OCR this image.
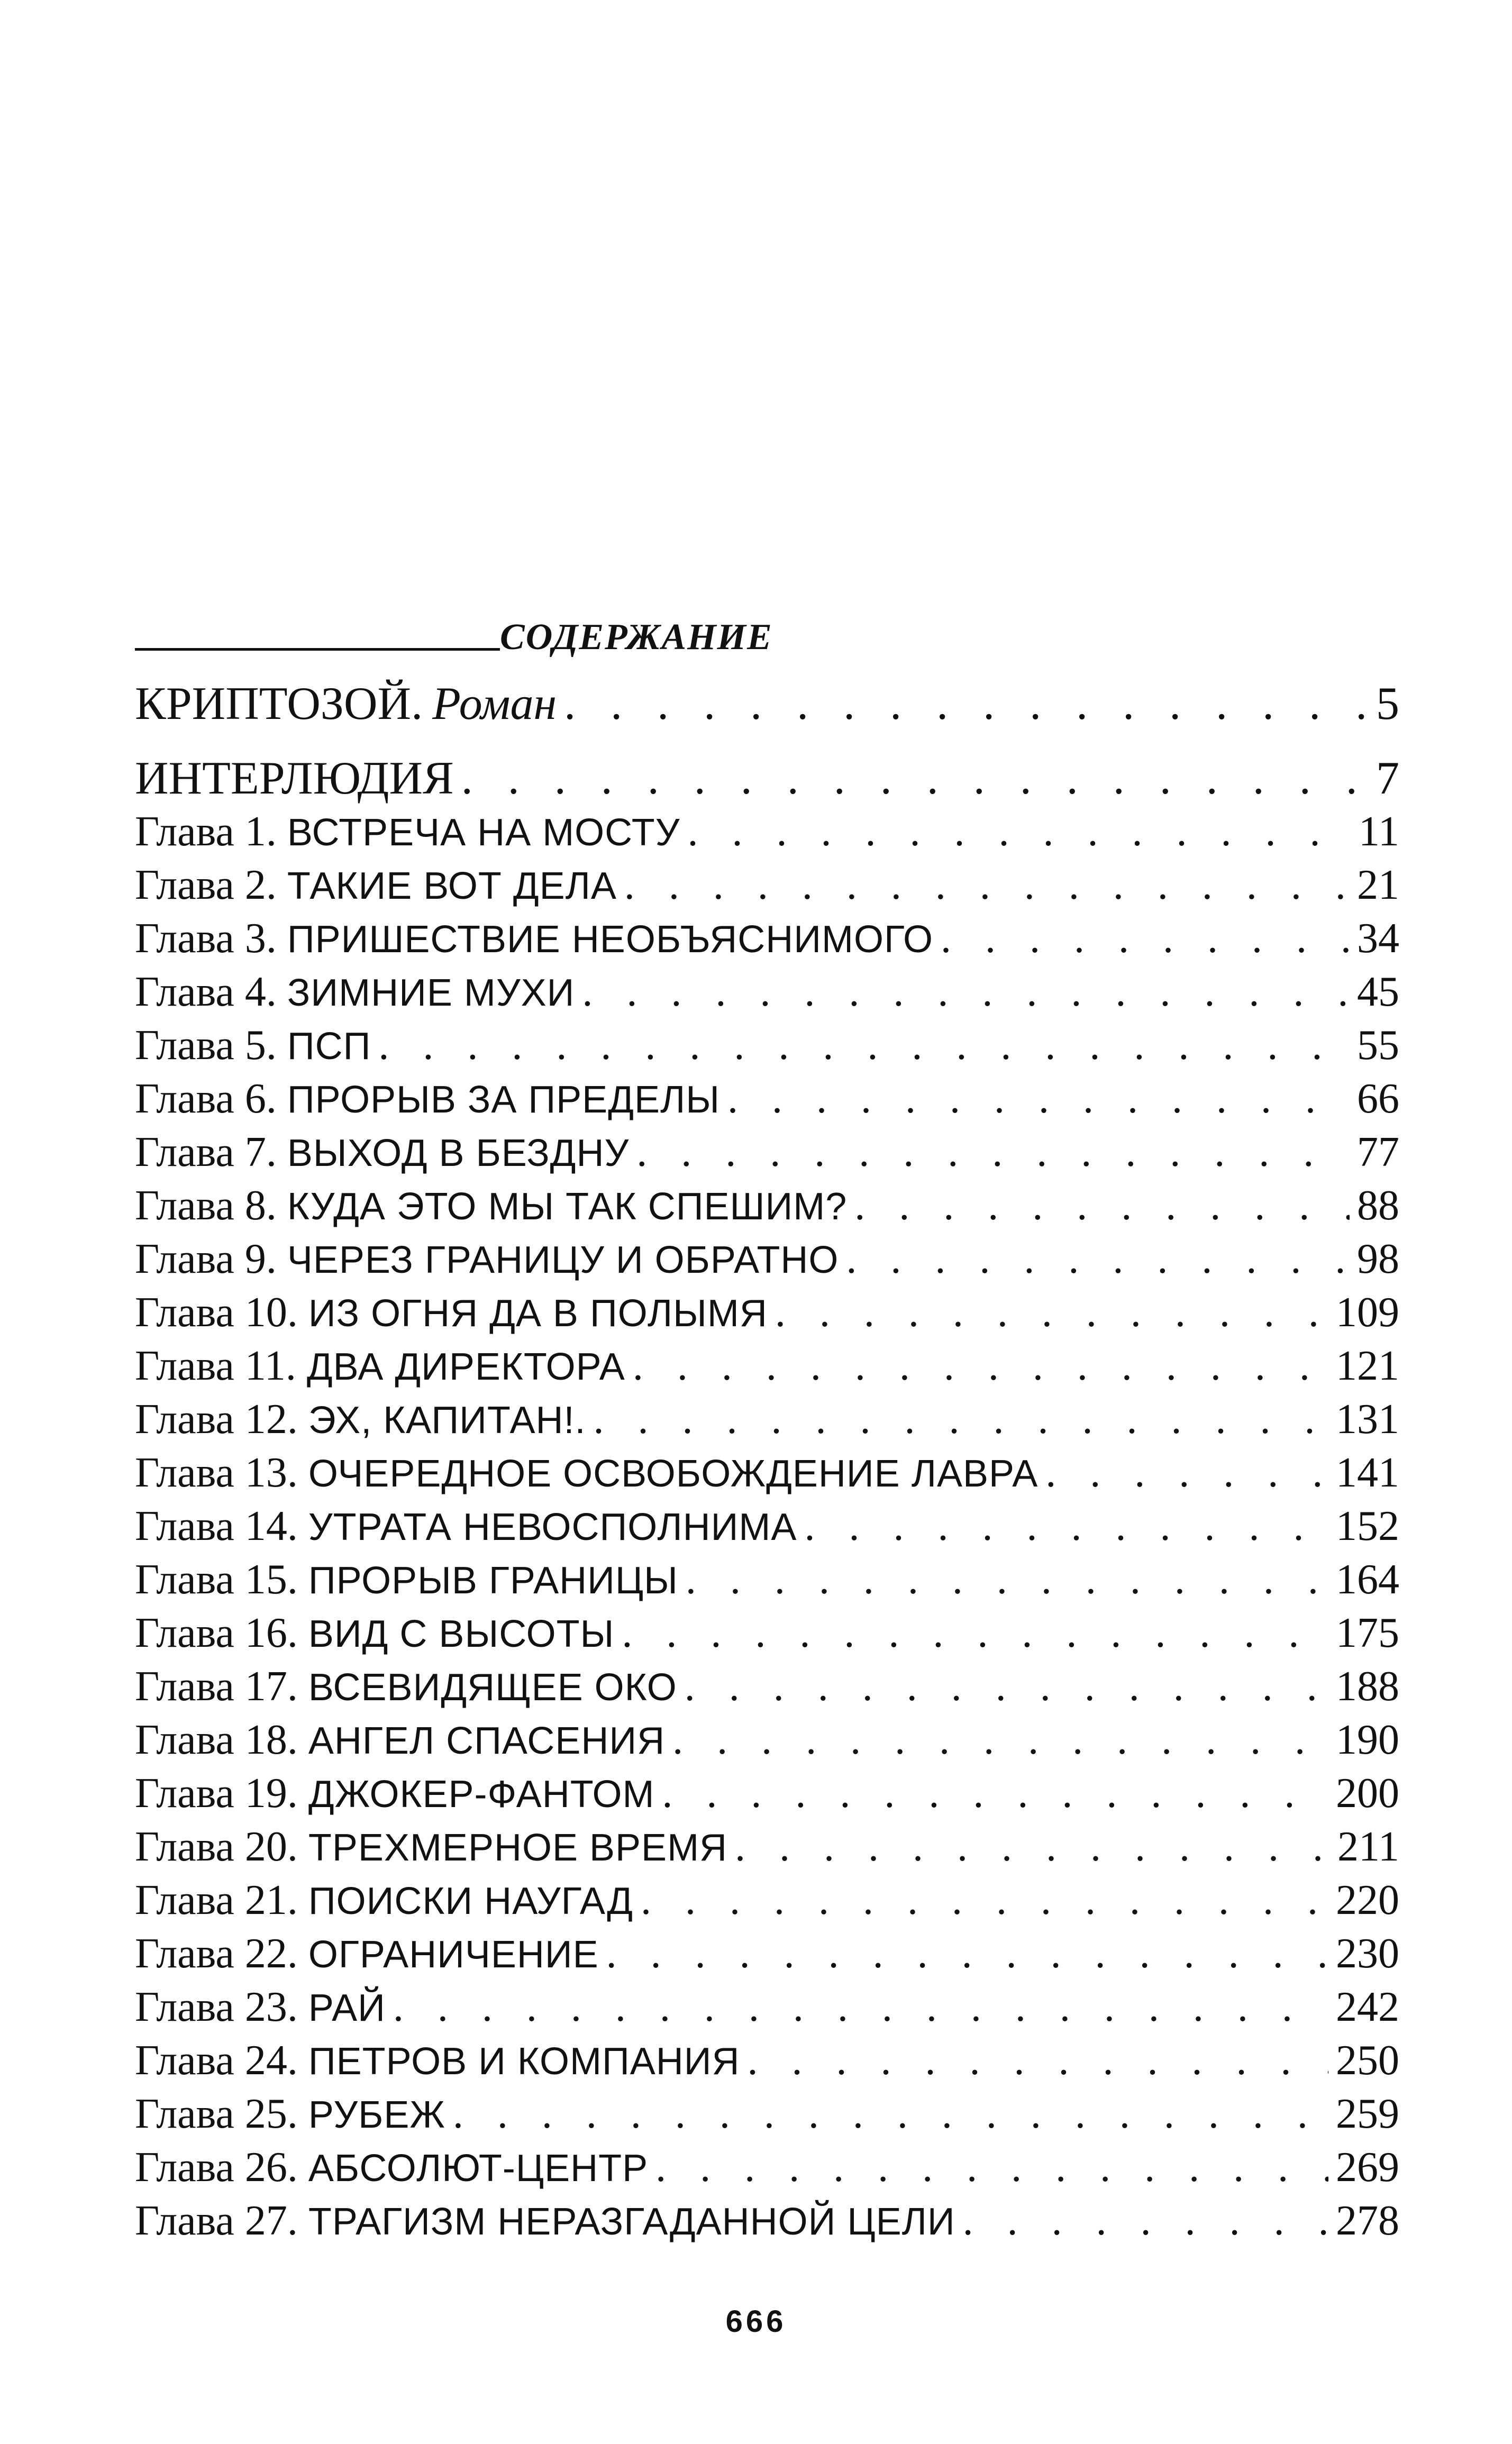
СОДЕРЖАНИЕ
КРИПТОЗОЙ. Роман . . .	5
ИНТЕРЛЮДИЯ . . .	7
Глава 1. ВСТРЕЧА НА МОСТУ . . .	11
Глава 2. ТАКИЕ ВОТ ДЕЛА . . .	21
Глава 3. ПРИШЕСТВИЕ НЕОБЪЯСНИМОГО . . .	34
Глава 4. ЗИМНИЕ МУХИ . . .	45
Глава 5. ПСП . . .	55
Глава 6. ПРОРЫВ ЗА ПРЕДЕЛЫ . . .	66
Глава 7. ВЫХОД В БЕЗДНУ . . .	77
Глава 8. КУДА ЭТО МЫ ТАК СПЕШИМ? . . .	88
Глава 9. ЧЕРЕЗ ГРАНИЦУ И ОБРАТНО . . .	98
Глава 10. ИЗ ОГНЯ ДА В ПОЛЫМЯ . . .	109
Глава 11. ДВА ДИРЕКТОРА . . .	121
Глава 12. ЭХ, КАПИТАН!. . . .	131
Глава 13. ОЧЕРЕДНОЕ ОСВОБОЖДЕНИЕ ЛАВРА . . .	141
Глава 14. УТРАТА НЕВОСПОЛНИМА . . .	152
Глава 15. ПРОРЫВ ГРАНИЦЫ . . .	164
Глава 16. ВИД С ВЫСОТЫ . . .	175
Глава 17. ВСЕВИДЯЩЕЕ ОКО . . .	188
Глава 18. АНГЕЛ СПАСЕНИЯ . . .	190
Глава 19. ДЖОКЕР-ФАНТОМ . . .	200
Глава 20. ТРЕХМЕРНОЕ ВРЕМЯ . . .	211
Глава 21. ПОИСКИ НАУГАД . . .	220
Глава 22. ОГРАНИЧЕНИЕ . . .	230
Глава 23. РАЙ . . .	242
Глава 24. ПЕТРОВ И КОМПАНИЯ . . .	250
Глава 25. РУБЕЖ . . .	259
Глава 26. АБСОЛЮТ-ЦЕНТР . . .	269
Глава 27. ТРАГИЗМ НЕРАЗГАДАННОЙ ЦЕЛИ . . .	278
666
